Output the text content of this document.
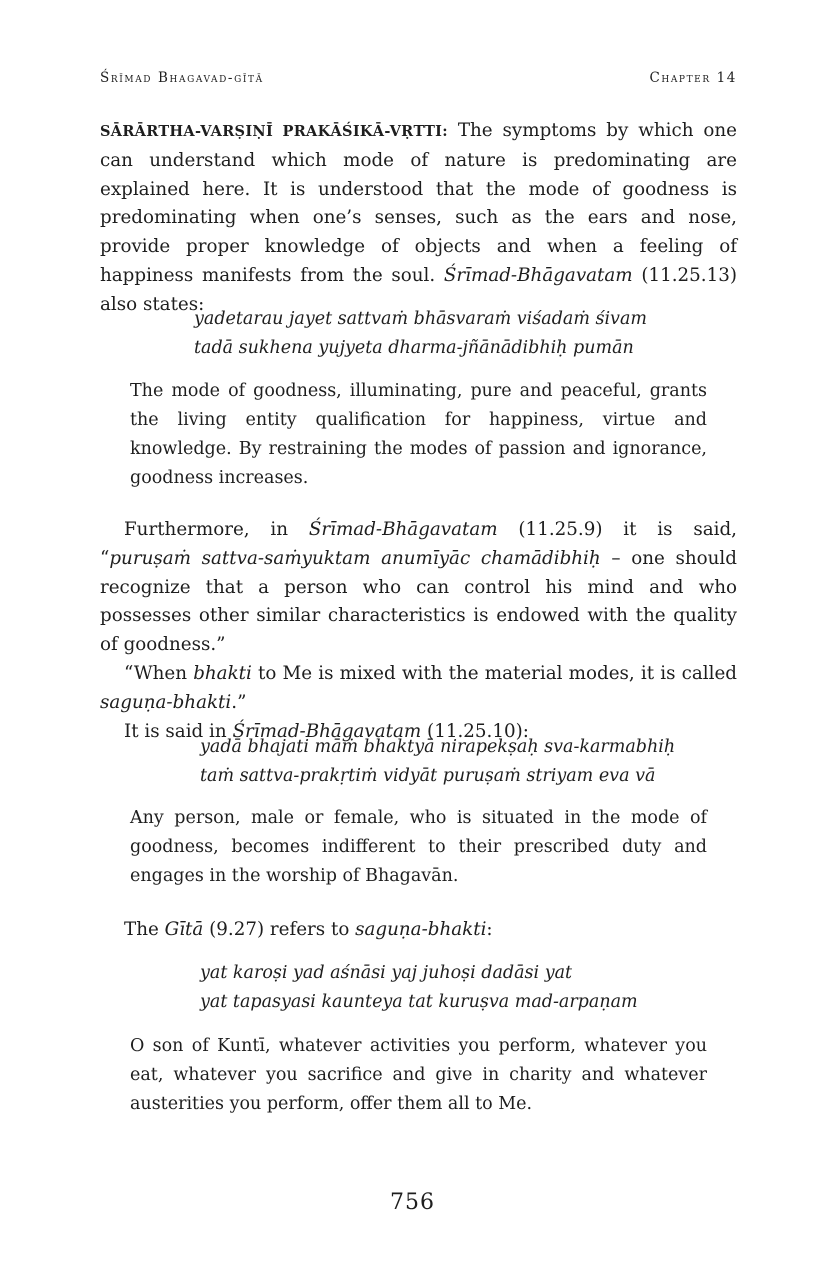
Śrīmad Bhagavad-gītā	Chapter 14

SĀRĀRTHA-VARṢIṆĪ PRAKĀŚIKĀ-VṚTTI: The symptoms by which one can understand which mode of nature is predominating are explained here. It is understood that the mode of goodness is predominating when one’s senses, such as the ears and nose, provide proper knowledge of objects and when a feeling of happiness manifests from the soul. Śrīmad-Bhāgavatam (11.25.13) also states:

yadetarau jayet sattvaṁ bhāsvaraṁ viśadaṁ śivam
tadā sukhena yujyeta dharma-jñānādibhiḥ pumān
The mode of goodness, illuminating, pure and peaceful, grants the living entity qualification for happiness, virtue and knowledge. By restraining the modes of passion and ignorance, goodness increases.

Furthermore, in Śrīmad-Bhāgavatam (11.25.9) it is said, “puruṣaṁ sattva-saṁyuktam anumīyāc chamādibhiḥ – one should recognize that a person who can control his mind and who possesses other similar characteristics is endowed with the quality of goodness.”

“When bhakti to Me is mixed with the material modes, it is called saguṇa-bhakti.”

It is said in Śrīmad-Bhāgavatam (11.25.10):

yadā bhajati māṁ bhaktyā nirapekṣaḥ sva-karmabhiḥ
taṁ sattva-prakṛtiṁ vidyāt puruṣaṁ striyam eva vā
Any person, male or female, who is situated in the mode of goodness, becomes indifferent to their prescribed duty and engages in the worship of Bhagavān.

The Gītā (9.27) refers to saguṇa-bhakti:

yat karoṣi yad aśnāsi yaj juhoṣi dadāsi yat
yat tapasyasi kaunteya tat kuruṣva mad-arpaṇam
O son of Kuntī, whatever activities you perform, whatever you eat, whatever you sacrifice and give in charity and whatever austerities you perform, offer them all to Me.
756
